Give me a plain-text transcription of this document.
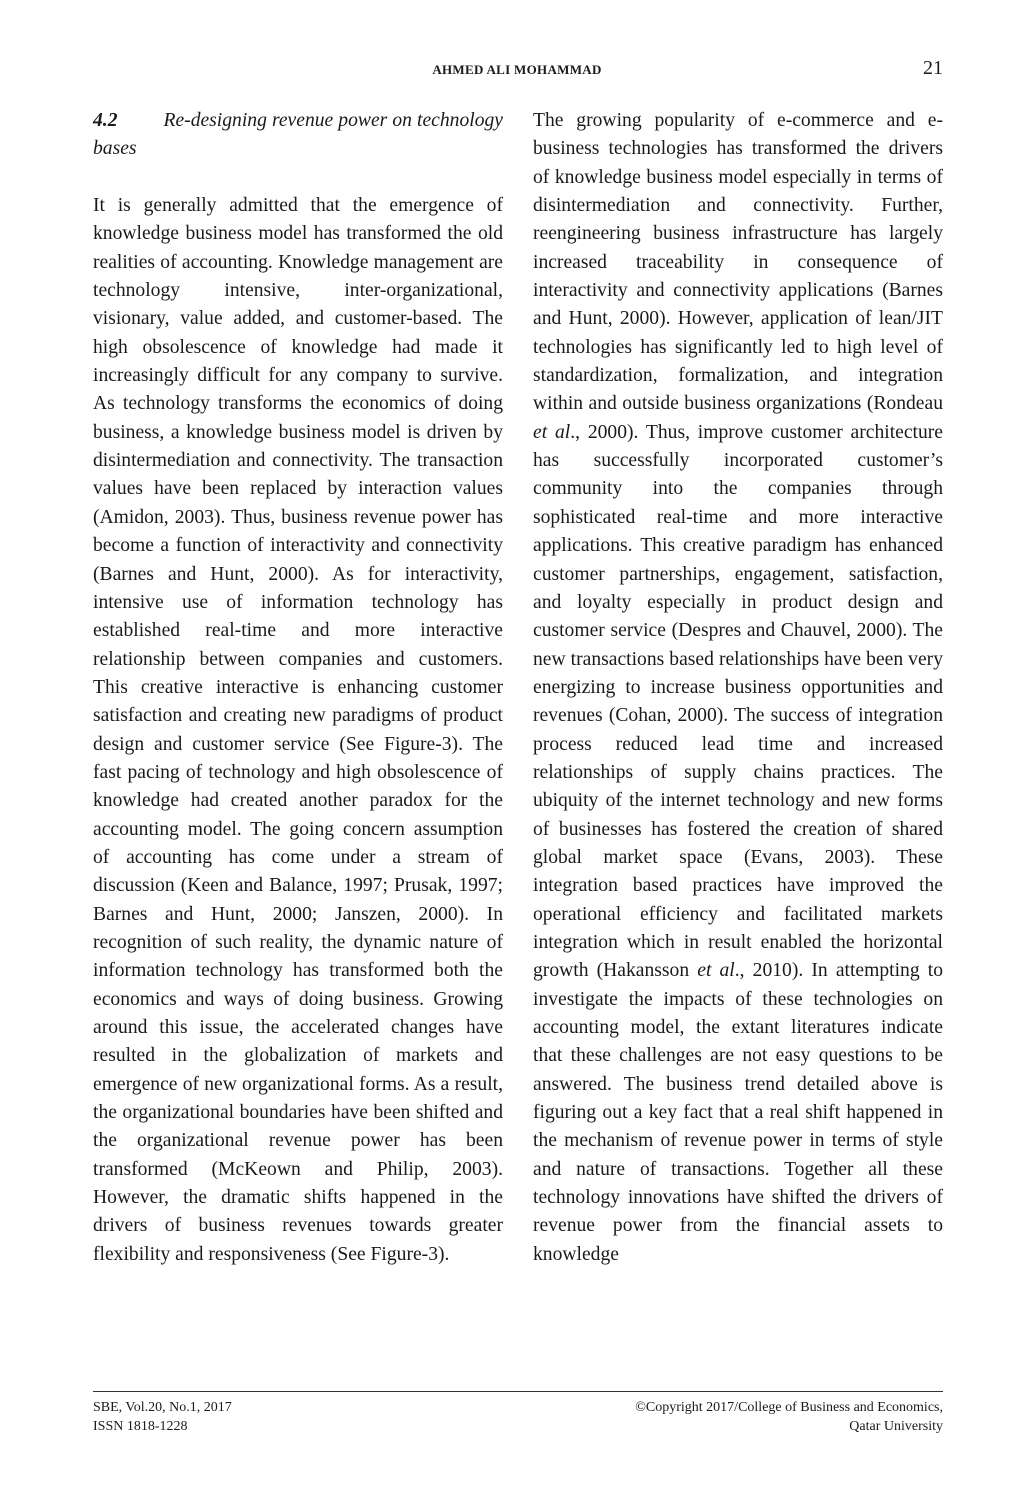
AHMED ALI MOHAMMAD	21

4.2 Re-designing revenue power on technology bases

It is generally admitted that the emergence of knowledge business model has transformed the old realities of accounting. Knowledge management are technology intensive, inter-organizational, visionary, value added, and customer-based. The high obsolescence of knowledge had made it increasingly difficult for any company to survive. As technology transforms the economics of doing business, a knowledge business model is driven by disintermediation and connectivity. The transaction values have been replaced by interaction values (Amidon, 2003). Thus, business revenue power has become a function of interactivity and connectivity (Barnes and Hunt, 2000). As for interactivity, intensive use of information technology has established real-time and more interactive relationship between companies and customers. This creative interactive is enhancing customer satisfaction and creating new paradigms of product design and customer service (See Figure-3). The fast pacing of technology and high obsolescence of knowledge had created another paradox for the accounting model. The going concern assumption of accounting has come under a stream of discussion (Keen and Balance, 1997; Prusak, 1997; Barnes and Hunt, 2000; Janszen, 2000). In recognition of such reality, the dynamic nature of information technology has transformed both the economics and ways of doing business. Growing around this issue, the accelerated changes have resulted in the globalization of markets and emergence of new organizational forms. As a result, the organizational boundaries have been shifted and the organizational revenue power has been transformed (McKeown and Philip, 2003). However, the dramatic shifts happened in the drivers of business revenues towards greater flexibility and responsiveness (See Figure-3).

The growing popularity of e-commerce and e-business technologies has transformed the drivers of knowledge business model especially in terms of disintermediation and connectivity. Further, reengineering business infrastructure has largely increased traceability in consequence of interactivity and connectivity applications (Barnes and Hunt, 2000). However, application of lean/JIT technologies has significantly led to high level of standardization, formalization, and integration within and outside business organizations (Rondeau et al., 2000). Thus, improve customer architecture has successfully incorporated customer’s community into the companies through sophisticated real-time and more interactive applications. This creative paradigm has enhanced customer partnerships, engagement, satisfaction, and loyalty especially in product design and customer service (Despres and Chauvel, 2000). The new transactions based relationships have been very energizing to increase business opportunities and revenues (Cohan, 2000). The success of integration process reduced lead time and increased relationships of supply chains practices. The ubiquity of the internet technology and new forms of businesses has fostered the creation of shared global market space (Evans, 2003). These integration based practices have improved the operational efficiency and facilitated markets integration which in result enabled the horizontal growth (Hakansson et al., 2010). In attempting to investigate the impacts of these technologies on accounting model, the extant literatures indicate that these challenges are not easy questions to be answered. The business trend detailed above is figuring out a key fact that a real shift happened in the mechanism of revenue power in terms of style and nature of transactions. Together all these technology innovations have shifted the drivers of revenue power from the financial assets to knowledge

SBE, Vol.20, No.1, 2017
ISSN 1818-1228
©Copyright 2017/College of Business and Economics,
Qatar University
